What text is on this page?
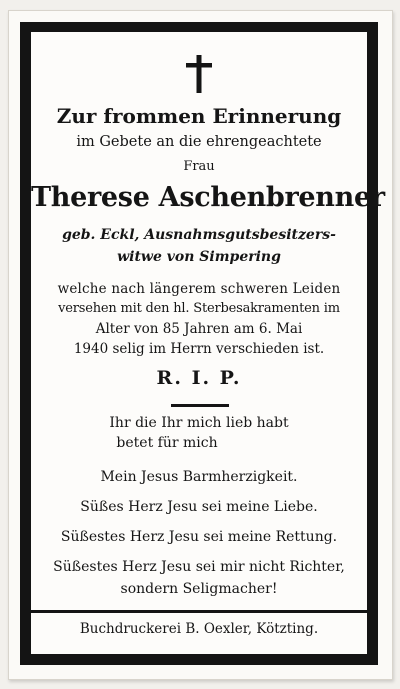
Zur frommen Erinnerung
im Gebete an die ehrengeachtete
Frau
Therese Aschenbrenner
geb. Eckl, Ausnahmsgutsbesitzers-
witwe von Simpering
welche nach längerem schweren Leiden
versehen mit den hl. Sterbesakramenten im
Alter von 85 Jahren am 6. Mai
1940 selig im Herrn verschieden ist.
R. I. P.
Ihr die Ihr mich lieb habt
betet für mich
Mein Jesus Barmherzigkeit.
Süßes Herz Jesu sei meine Liebe.
Süßestes Herz Jesu sei meine Rettung.
Süßestes Herz Jesu sei mir nicht Richter,
sondern Seligmacher!
Buchdruckerei B. Oexler, Kötzting.
